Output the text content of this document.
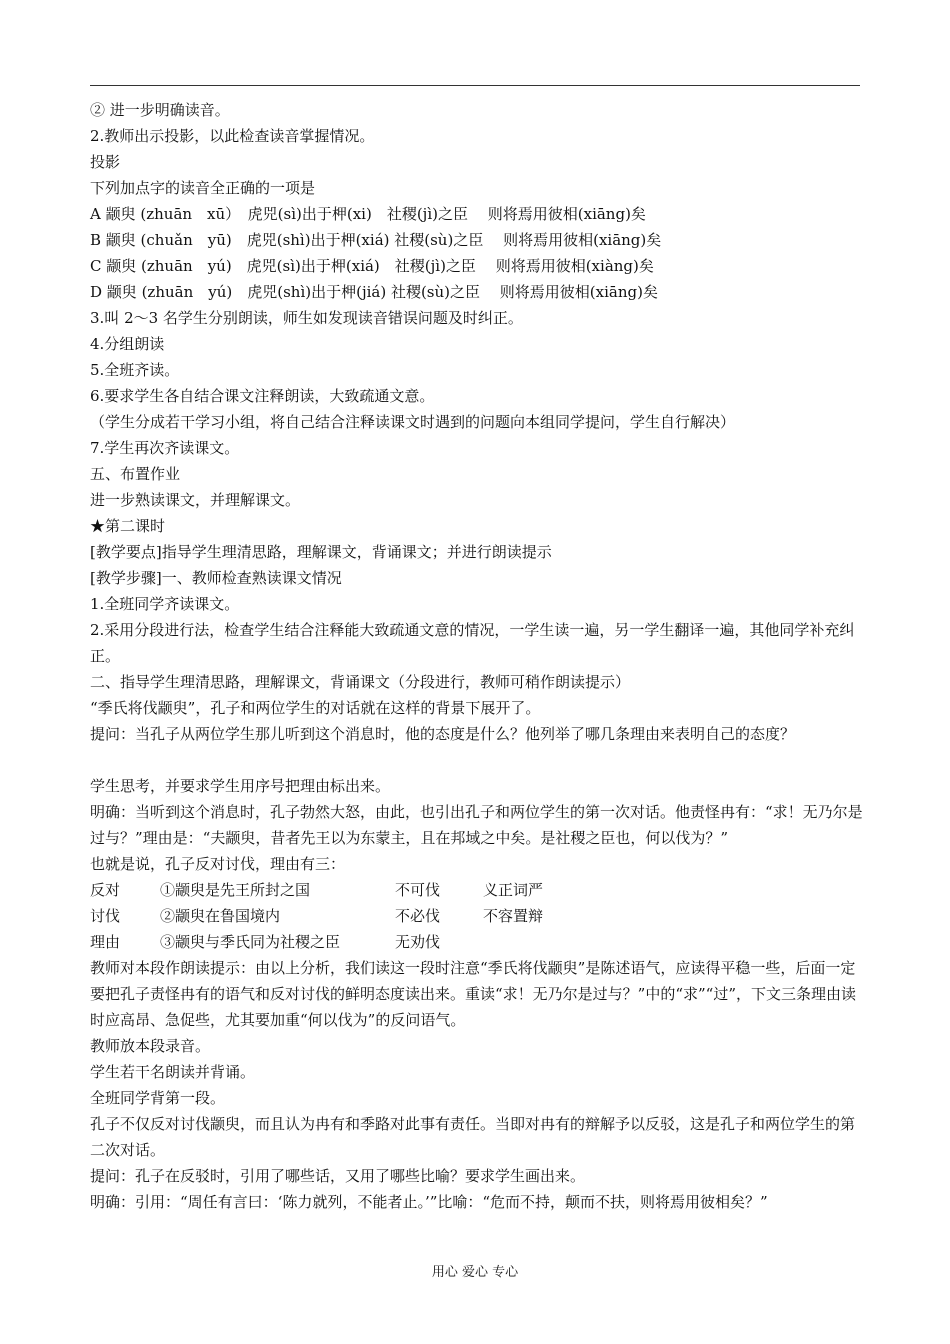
② 进一步明确读音。
2.教师出示投影，以此检查读音掌握情况。
投影
下列加点字的读音全正确的一项是
A 颛臾 (zhuān　xū）　虎兕(sì)出于柙(xi)　社稷(jì)之臣　 则将焉用彼相(xiāng)矣
B 颛臾 (chuǎn　yū)　虎兕(shì)出于柙(xiá) 社稷(sù)之臣　 则将焉用彼相(xiāng)矣
C 颛臾 (zhuān　yú)　虎兕(sì)出于柙(xiá)　社稷(jì)之臣　 则将焉用彼相(xiàng)矣
D 颛臾 (zhuān　yú)　虎兕(shì)出于柙(jiá) 社稷(sù)之臣　 则将焉用彼相(xiāng)矣
3.叫 2～3 名学生分别朗读，师生如发现读音错误问题及时纠正。
4.分组朗读
5.全班齐读。
6.要求学生各自结合课文注释朗读，大致疏通文意。
（学生分成若干学习小组，将自己结合注释读课文时遇到的问题向本组同学提问，学生自行解决）
7.学生再次齐读课文。
五、布置作业
进一步熟读课文，并理解课文。
★第二课时
[教学要点]指导学生理清思路，理解课文，背诵课文；并进行朗读提示
[教学步骤]一、教师检查熟读课文情况
1.全班同学齐读课文。
2.采用分段进行法，检查学生结合注释能大致疏通文意的情况，一学生读一遍，另一学生翻译一遍，其他同学补充纠正。
二、指导学生理清思路，理解课文，背诵课文（分段进行，教师可稍作朗读提示）
“季氏将伐颛臾”，孔子和两位学生的对话就在这样的背景下展开了。
提问：当孔子从两位学生那儿听到这个消息时，他的态度是什么？他列举了哪几条理由来表明自己的态度？
学生思考，并要求学生用序号把理由标出来。
明确：当听到这个消息时，孔子勃然大怒，由此，也引出孔子和两位学生的第一次对话。他责怪冉有：“求！无乃尔是过与？”理由是：“夫颛臾，昔者先王以为东蒙主，且在邦域之中矣。是社稷之臣也，何以伐为？”
也就是说，孔子反对讨伐，理由有三：
反对	①颛臾是先王所封之国	不可伐	义正词严
讨伐	②颛臾在鲁国境内	不必伐	不容置辩
理由	③颛臾与季氏同为社稷之臣	无劝伐
教师对本段作朗读提示：由以上分析，我们读这一段时注意“季氏将伐颛臾”是陈述语气，应读得平稳一些，后面一定要把孔子责怪冉有的语气和反对讨伐的鲜明态度读出来。重读“求！无乃尔是过与？”中的“求”“过”，下文三条理由读时应高昂、急促些，尤其要加重“何以伐为”的反问语气。
教师放本段录音。
学生若干名朗读并背诵。
全班同学背第一段。
孔子不仅反对讨伐颛臾，而且认为冉有和季路对此事有责任。当即对冉有的辩解予以反驳，这是孔子和两位学生的第二次对话。
提问：孔子在反驳时，引用了哪些话，又用了哪些比喻？要求学生画出来。
明确：引用：“周任有言曰：‘陈力就列，不能者止。’”比喻：“危而不持，颠而不扶，则将焉用彼相矣？”
用心 爱心 专心
